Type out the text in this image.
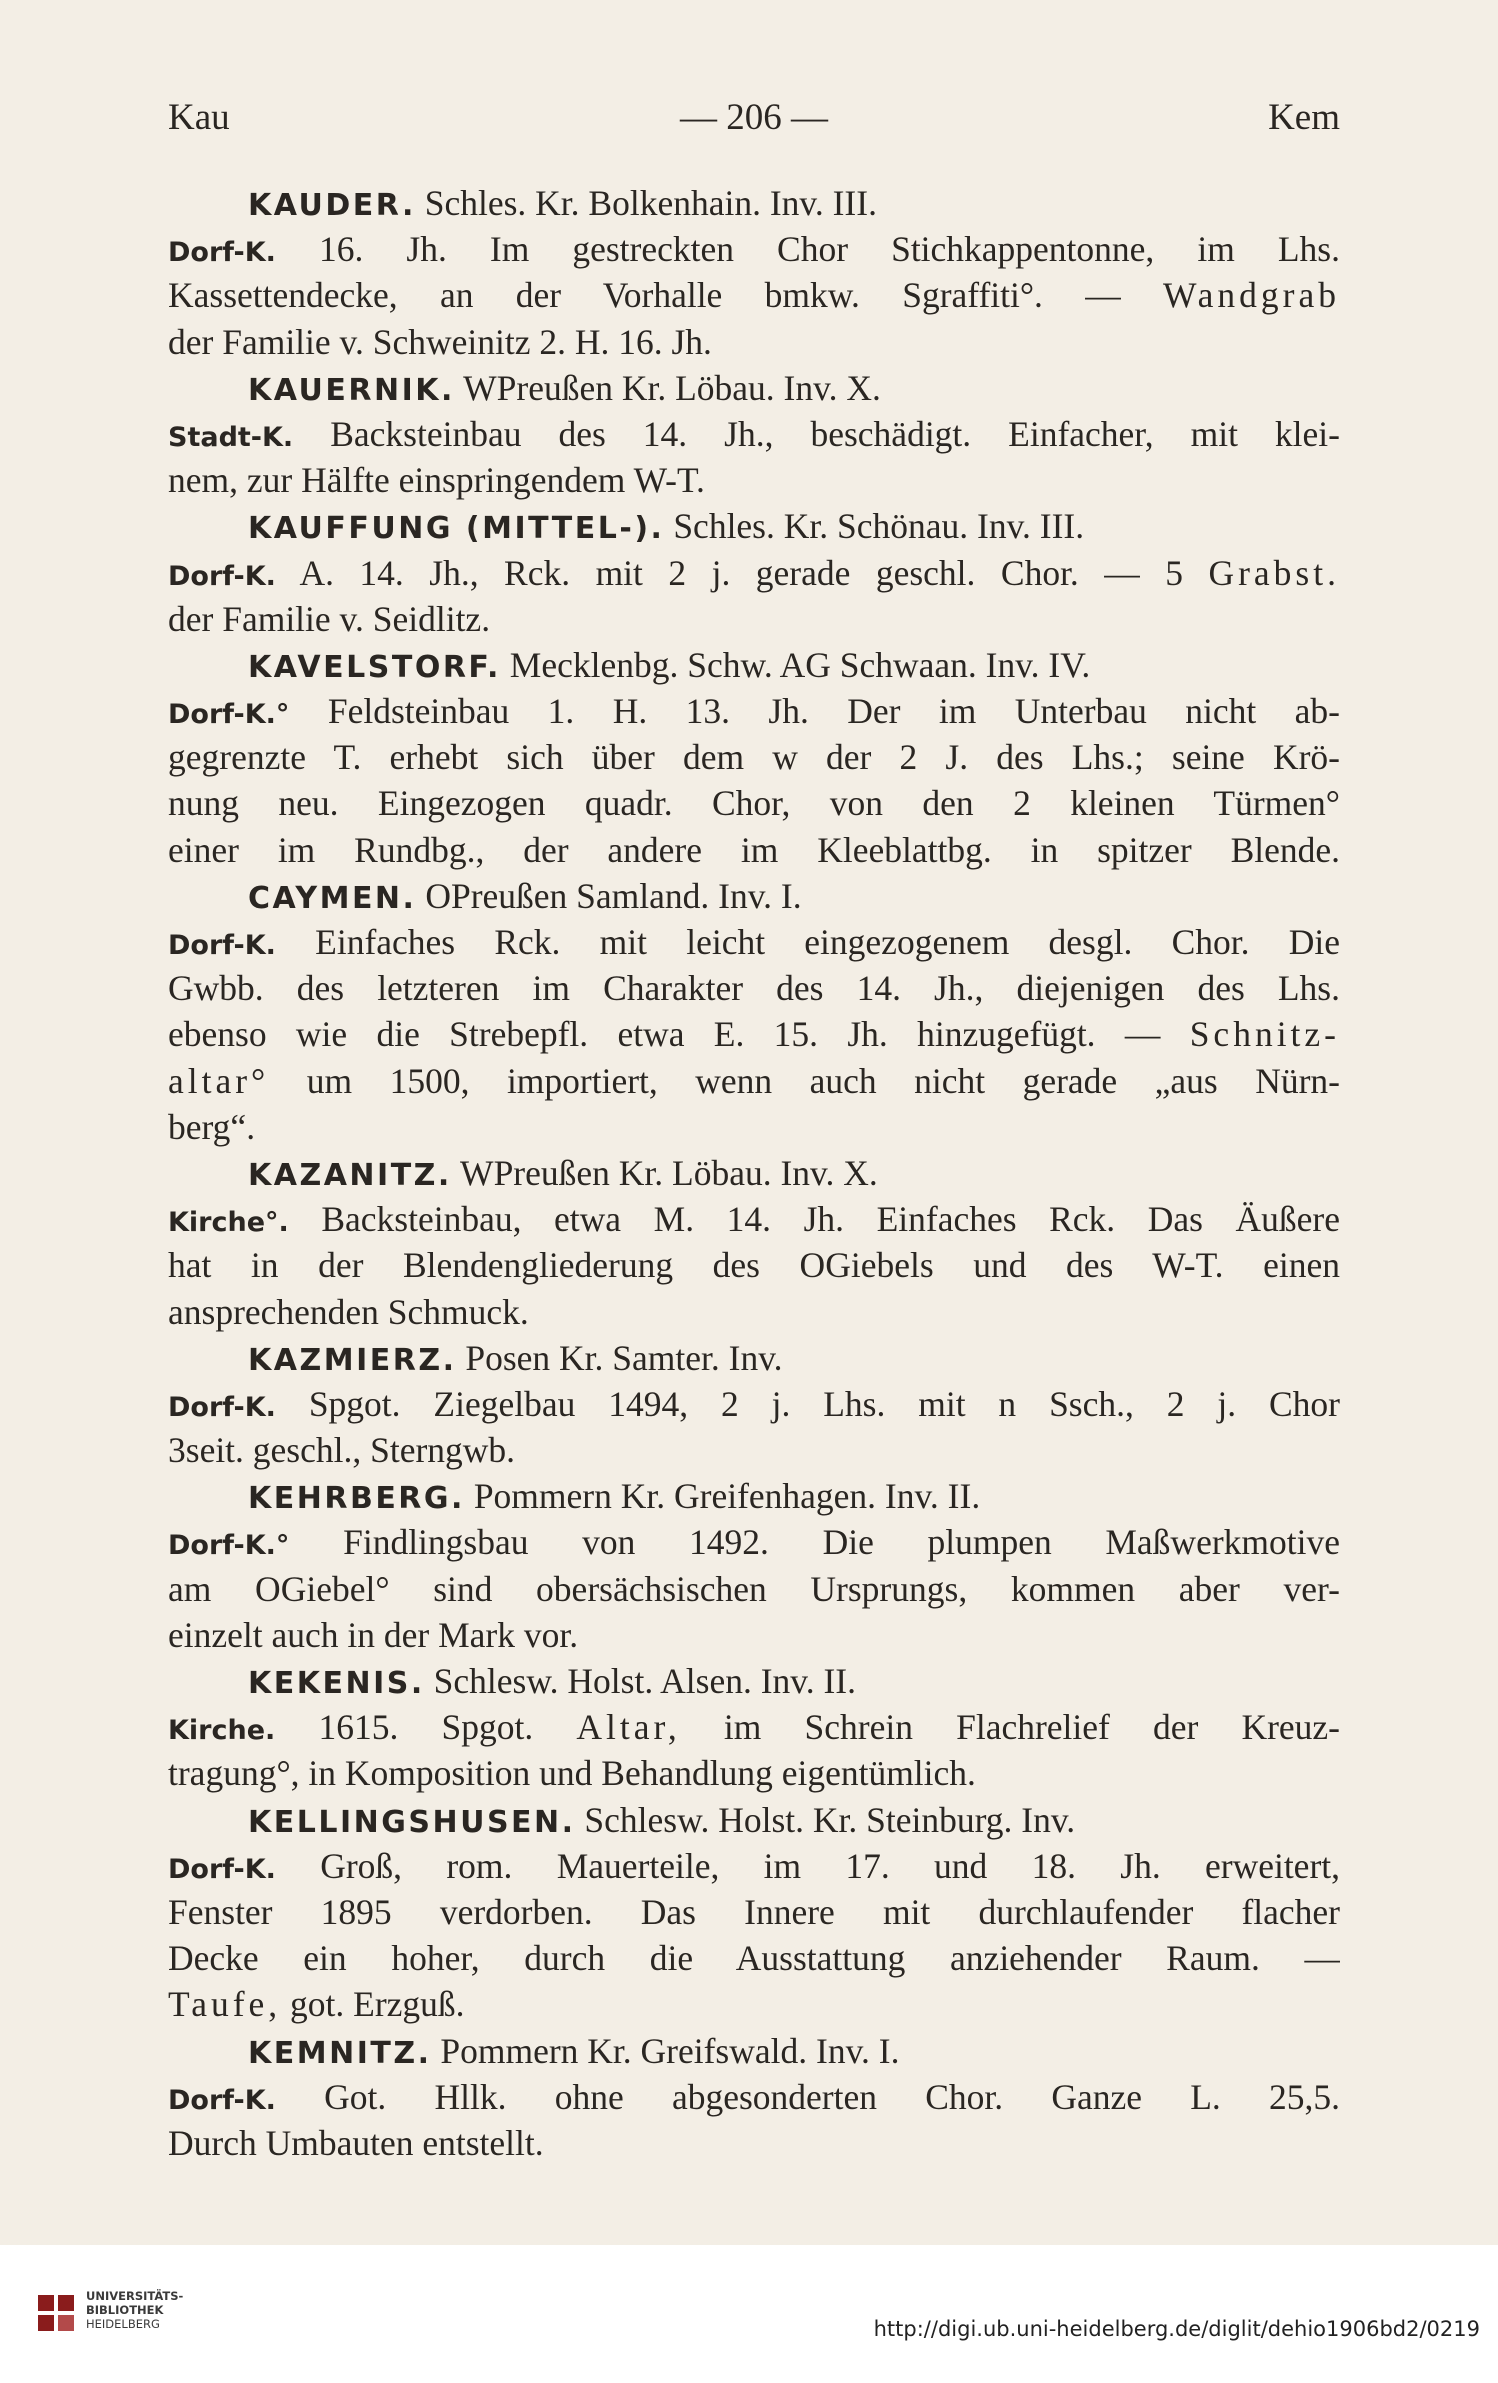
Kau	— 206 —	Kem
KAUDER. Schles. Kr. Bolkenhain. Inv. III.
Dorf-K. 16. Jh. Im gestreckten Chor Stichkappentonne, im Lhs.
Kassettendecke, an der Vorhalle bmkw. Sgraffiti°. — Wandgrab
der Familie v. Schweinitz 2. H. 16. Jh.
KAUERNIK. WPreußen Kr. Löbau. Inv. X.
Stadt-K. Backsteinbau des 14. Jh., beschädigt. Einfacher, mit klei-
nem, zur Hälfte einspringendem W-T.
KAUFFUNG (MITTEL-). Schles. Kr. Schönau. Inv. III.
Dorf-K. A. 14. Jh., Rck. mit 2 j. gerade geschl. Chor. — 5 Grabst.
der Familie v. Seidlitz.
KAVELSTORF. Mecklenbg. Schw. AG Schwaan. Inv. IV.
Dorf-K.° Feldsteinbau 1. H. 13. Jh. Der im Unterbau nicht ab-
gegrenzte T. erhebt sich über dem w der 2 J. des Lhs.; seine Krö-
nung neu. Eingezogen quadr. Chor, von den 2 kleinen Türmen°
einer im Rundbg., der andere im Kleeblattbg. in spitzer Blende.
CAYMEN. OPreußen Samland. Inv. I.
Dorf-K. Einfaches Rck. mit leicht eingezogenem desgl. Chor. Die
Gwbb. des letzteren im Charakter des 14. Jh., diejenigen des Lhs.
ebenso wie die Strebepfl. etwa E. 15. Jh. hinzugefügt. — Schnitz-
altar° um 1500, importiert, wenn auch nicht gerade „aus Nürn-
berg“.
KAZANITZ. WPreußen Kr. Löbau. Inv. X.
Kirche°. Backsteinbau, etwa M. 14. Jh. Einfaches Rck. Das Äußere
hat in der Blendengliederung des OGiebels und des W-T. einen
ansprechenden Schmuck.
KAZMIERZ. Posen Kr. Samter. Inv.
Dorf-K. Spgot. Ziegelbau 1494, 2 j. Lhs. mit n Ssch., 2 j. Chor
3seit. geschl., Sterngwb.
KEHRBERG. Pommern Kr. Greifenhagen. Inv. II.
Dorf-K.° Findlingsbau von 1492. Die plumpen Maßwerkmotive
am OGiebel° sind obersächsischen Ursprungs, kommen aber ver-
einzelt auch in der Mark vor.
KEKENIS. Schlesw. Holst. Alsen. Inv. II.
Kirche. 1615. Spgot. Altar, im Schrein Flachrelief der Kreuz-
tragung°, in Komposition und Behandlung eigentümlich.
KELLINGSHUSEN. Schlesw. Holst. Kr. Steinburg. Inv.
Dorf-K. Groß, rom. Mauerteile, im 17. und 18. Jh. erweitert,
Fenster 1895 verdorben. Das Innere mit durchlaufender flacher
Decke ein hoher, durch die Ausstattung anziehender Raum. —
Taufe, got. Erzguß.
KEMNITZ. Pommern Kr. Greifswald. Inv. I.
Dorf-K. Got. Hllk. ohne abgesonderten Chor. Ganze L. 25,5.
Durch Umbauten entstellt.
UNIVERSITÄTS-
BIBLIOTHEK
HEIDELBERG	http://digi.ub.uni-heidelberg.de/diglit/dehio1906bd2/0219
